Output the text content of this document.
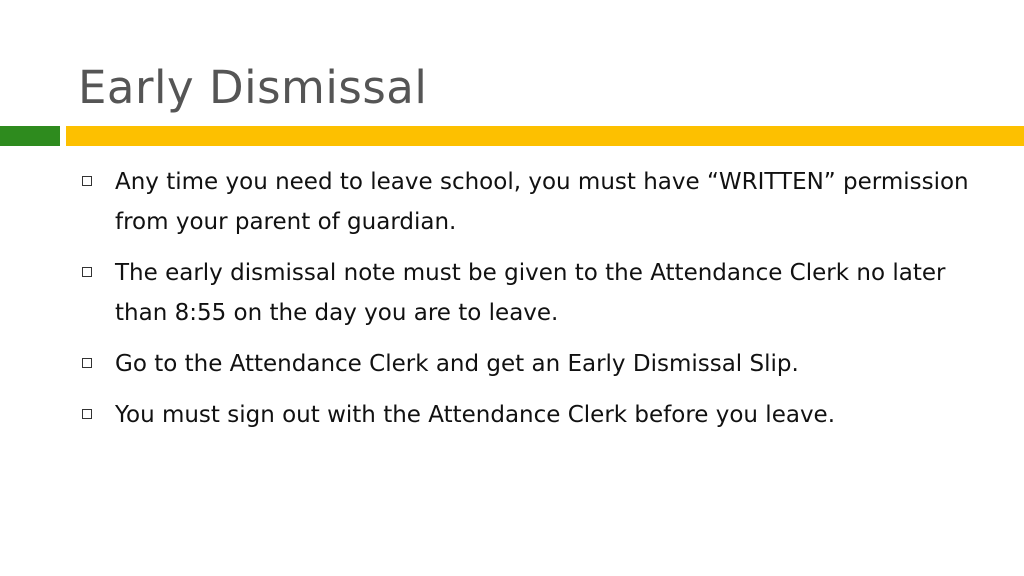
Early Dismissal
Any time you need to leave school, you must have “WRITTEN” permission from your parent of guardian.
The early dismissal note must be given to the Attendance Clerk no later than 8:55 on the day you are to leave.
Go to the Attendance Clerk and get an Early Dismissal Slip.
You must sign out with the Attendance Clerk before you leave.
